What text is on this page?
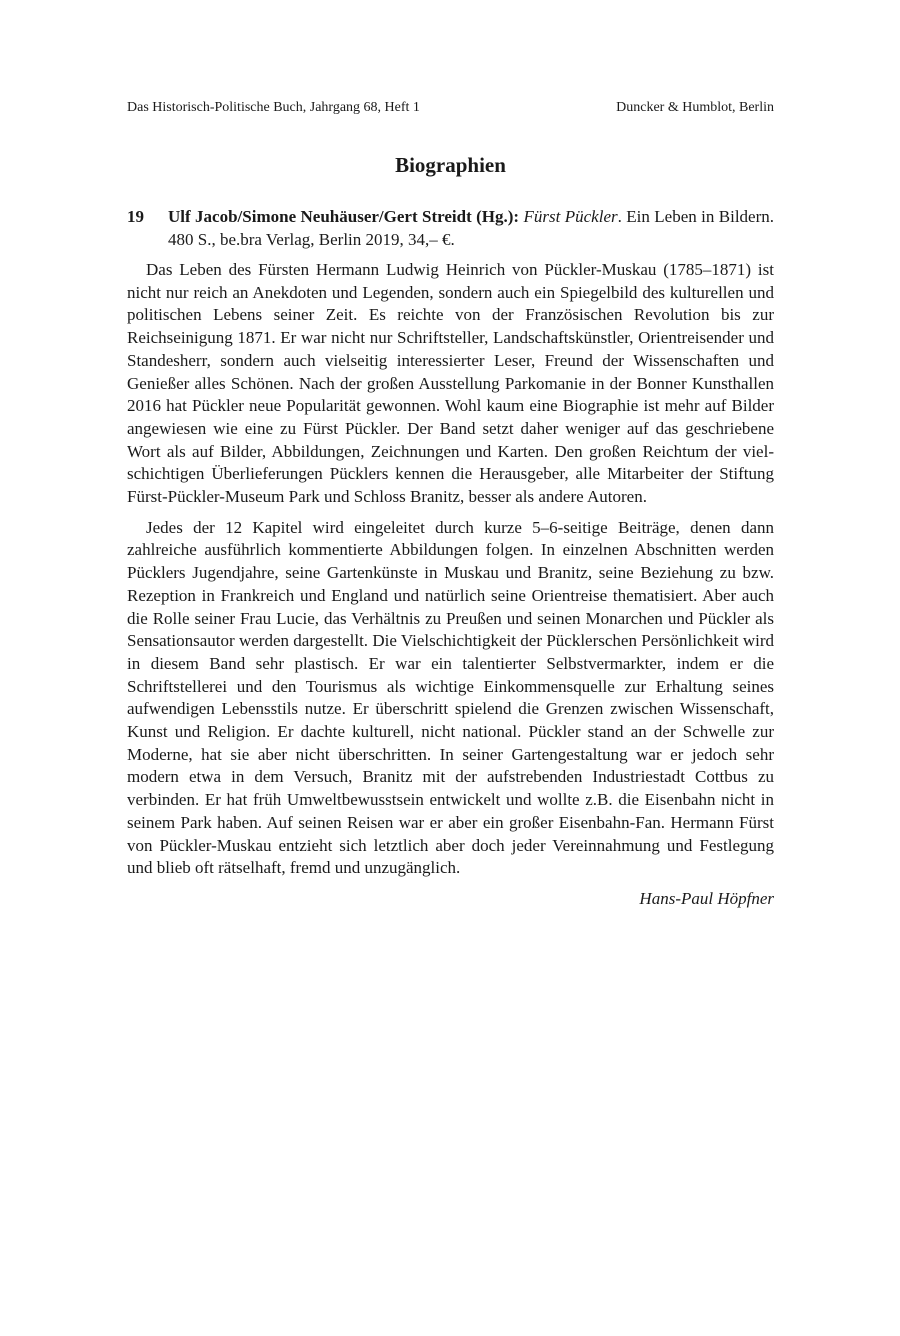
Das Historisch-Politische Buch, Jahrgang 68, Heft 1	Duncker & Humblot, Berlin
Biographien
19 Ulf Jacob/Simone Neuhäuser/Gert Streidt (Hg.): Fürst Pückler. Ein Leben in Bildern. 480 S., be.bra Verlag, Berlin 2019, 34,– €.

Das Leben des Fürsten Hermann Ludwig Heinrich von Pückler-Muskau (1785–1871) ist nicht nur reich an Anekdoten und Legenden, sondern auch ein Spiegelbild des kulturellen und politischen Lebens seiner Zeit. Es reichte von der Französischen Revolution bis zur Reichseinigung 1871. Er war nicht nur Schriftsteller, Landschaftskünstler, Orientreisender und Standesherr, sondern auch vielseitig interessierter Leser, Freund der Wissenschaften und Genießer alles Schönen. Nach der großen Ausstellung Parkomanie in der Bonner Kunsthallen 2016 hat Pückler neue Popularität gewonnen. Wohl kaum eine Biographie ist mehr auf Bilder angewiesen wie eine zu Fürst Pückler. Der Band setzt daher weniger auf das geschriebene Wort als auf Bilder, Abbildungen, Zeichnungen und Karten. Den großen Reichtum der vielschichtigen Überlieferungen Pücklers kennen die Herausgeber, alle Mitarbeiter der Stiftung Fürst-Pückler-Museum Park und Schloss Branitz, besser als andere Autoren.

Jedes der 12 Kapitel wird eingeleitet durch kurze 5–6-seitige Beiträge, denen dann zahlreiche ausführlich kommentierte Abbildungen folgen. In einzelnen Abschnitten werden Pücklers Jugendjahre, seine Gartenkünste in Muskau und Branitz, seine Beziehung zu bzw. Rezeption in Frankreich und England und natürlich seine Orientreise thematisiert. Aber auch die Rolle seiner Frau Lucie, das Verhältnis zu Preußen und seinen Monarchen und Pückler als Sensationsautor werden dargestellt. Die Vielschichtigkeit der Pücklerschen Persönlichkeit wird in diesem Band sehr plastisch. Er war ein talentierter Selbstvermarkter, indem er die Schriftstellerei und den Tourismus als wichtige Einkommensquelle zur Erhaltung seines aufwendigen Lebensstils nutze. Er überschritt spielend die Grenzen zwischen Wissenschaft, Kunst und Religion. Er dachte kulturell, nicht national. Pückler stand an der Schwelle zur Moderne, hat sie aber nicht überschritten. In seiner Gartengestaltung war er jedoch sehr modern etwa in dem Versuch, Branitz mit der aufstrebenden Industriestadt Cottbus zu verbinden. Er hat früh Umweltbewusstsein entwickelt und wollte z.B. die Eisenbahn nicht in seinem Park haben. Auf seinen Reisen war er aber ein großer Eisenbahn-Fan. Hermann Fürst von Pückler-Muskau entzieht sich letztlich aber doch jeder Vereinnahmung und Festlegung und blieb oft rätselhaft, fremd und unzugänglich.

Hans-Paul Höpfner
